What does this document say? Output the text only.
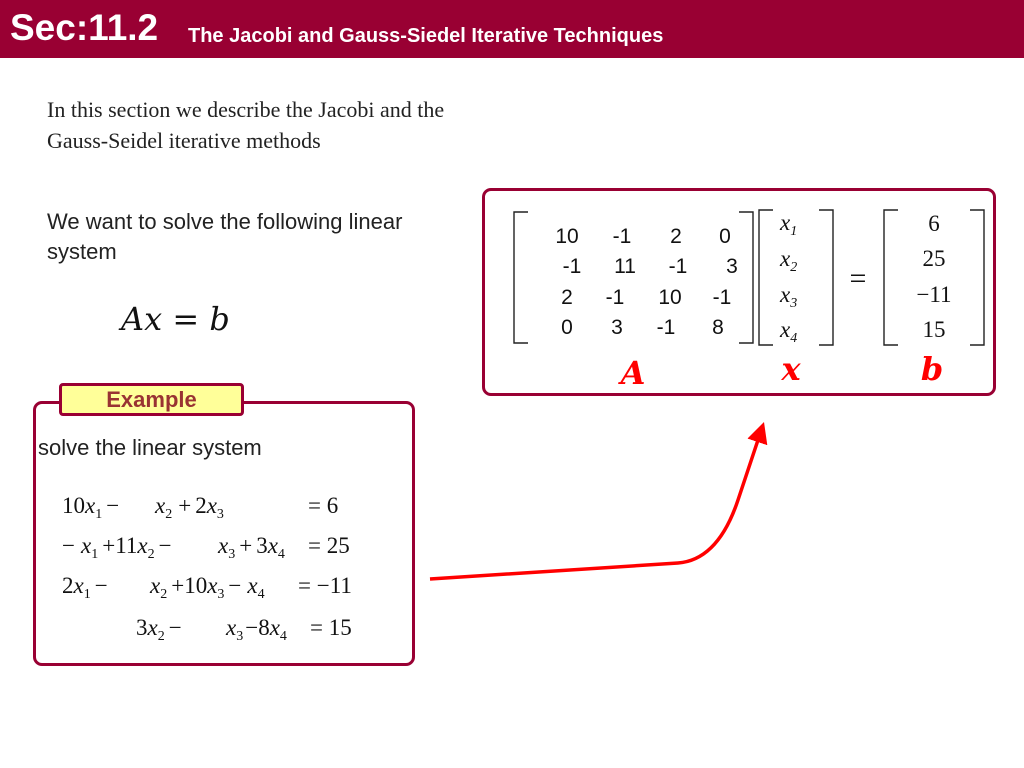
Sec:11.2 The Jacobi and Gauss-Siedel Iterative Techniques
In this section we describe the Jacobi and the Gauss-Seidel iterative methods
We want to solve the following linear system
Ax = b
Example
solve the linear system
10 -1 2 0
-1 11 -1 3
2 -1 10 -1
0 3 -1 8
$x_1$
$x_2$
$x_3$
$x_4$
=
6
25
−11
15
A	x	b
$10x_1 - x_2 + 2x_3$	= 6
− $x_1 +11x_2 - x_3 + 3x_4 = 25$
$2x_1 - x_2 +10x_3 - x_4 = -11$
$3x_2 - x_3-8x_4 = 15$
